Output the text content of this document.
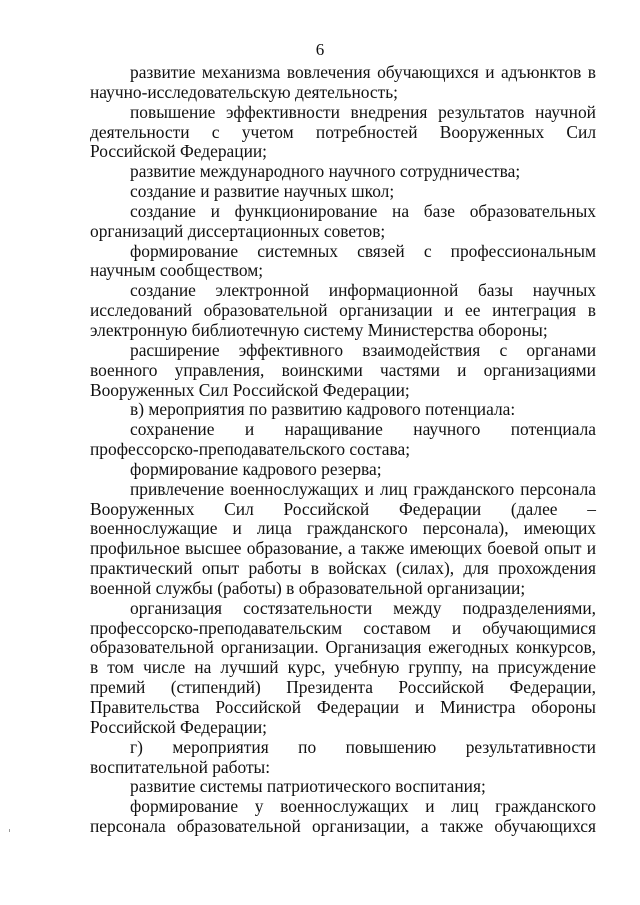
6

развитие механизма вовлечения обучающихся и адъюнктов в научно-исследовательскую деятельность;

повышение эффективности внедрения результатов научной деятельности с учетом потребностей Вооруженных Сил Российской Федерации;

развитие международного научного сотрудничества;

создание и развитие научных школ;

создание и функционирование на базе образовательных организаций диссертационных советов;

формирование системных связей с профессиональным научным сообществом;

создание электронной информационной базы научных исследований образовательной организации и ее интеграция в электронную библиотечную систему Министерства обороны;

расширение эффективного взаимодействия с органами военного управления, воинскими частями и организациями Вооруженных Сил Российской Федерации;

в) мероприятия по развитию кадрового потенциала:

сохранение и наращивание научного потенциала профессорско-преподавательского состава;

формирование кадрового резерва;

привлечение военнослужащих и лиц гражданского персонала Вооруженных Сил Российской Федерации (далее – военнослужащие и лица гражданского персонала), имеющих профильное высшее образование, а также имеющих боевой опыт и практический опыт работы в войсках (силах), для прохождения военной службы (работы) в образовательной организации;

организация состязательности между подразделениями, профессорско-преподавательским составом и обучающимися образовательной организации. Организация ежегодных конкурсов, в том числе на лучший курс, учебную группу, на присуждение премий (стипендий) Президента Российской Федерации, Правительства Российской Федерации и Министра обороны Российской Федерации;

г) мероприятия по повышению результативности воспитательной работы:

развитие системы патриотического воспитания;

формирование у военнослужащих и лиц гражданского персонала образовательной организации, а также обучающихся
